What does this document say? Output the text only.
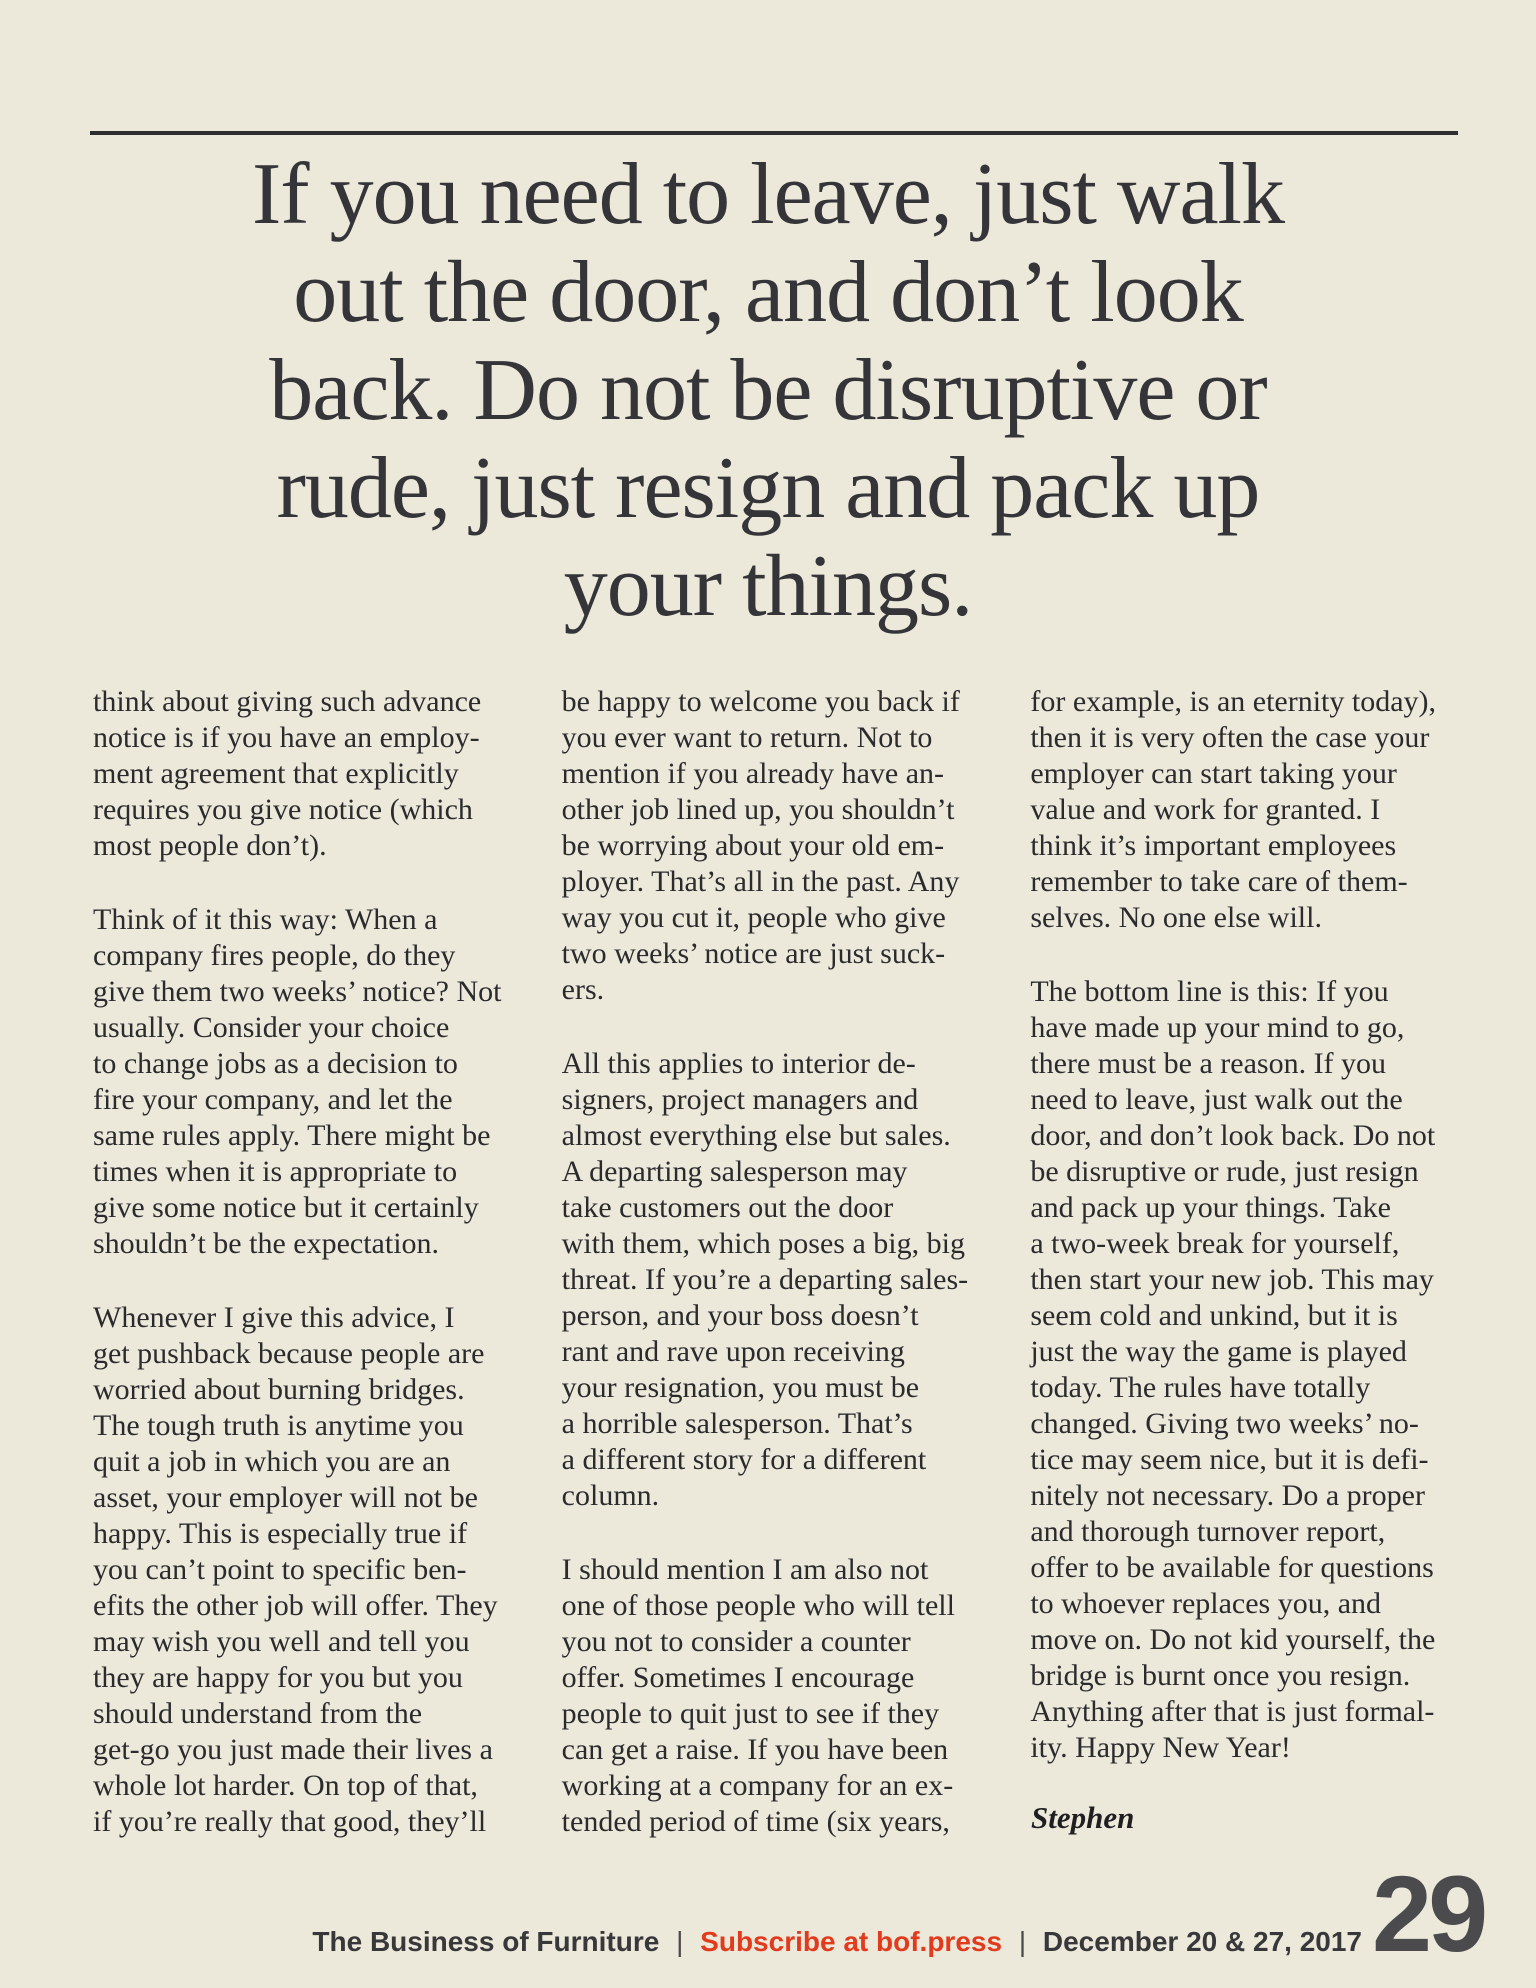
If you need to leave, just walk
out the door, and don’t look
back. Do not be disruptive or
rude, just resign and pack up
your things.

think about giving such advance
notice is if you have an employ-
ment agreement that explicitly
requires you give notice (which
most people don’t).

Think of it this way: When a
company fires people, do they
give them two weeks’ notice? Not
usually. Consider your choice
to change jobs as a decision to
fire your company, and let the
same rules apply. There might be
times when it is appropriate to
give some notice but it certainly
shouldn’t be the expectation.

Whenever I give this advice, I
get pushback because people are
worried about burning bridges.
The tough truth is anytime you
quit a job in which you are an
asset, your employer will not be
happy. This is especially true if
you can’t point to specific ben-
efits the other job will offer. They
may wish you well and tell you
they are happy for you but you
should understand from the
get-go you just made their lives a
whole lot harder. On top of that,
if you’re really that good, they’ll

be happy to welcome you back if
you ever want to return. Not to
mention if you already have an-
other job lined up, you shouldn’t
be worrying about your old em-
ployer. That’s all in the past. Any
way you cut it, people who give
two weeks’ notice are just suck-
ers.

All this applies to interior de-
signers, project managers and
almost everything else but sales.
A departing salesperson may
take customers out the door
with them, which poses a big, big
threat. If you’re a departing sales-
person, and your boss doesn’t
rant and rave upon receiving
your resignation, you must be
a horrible salesperson. That’s
a different story for a different
column.

I should mention I am also not
one of those people who will tell
you not to consider a counter
offer. Sometimes I encourage
people to quit just to see if they
can get a raise. If you have been
working at a company for an ex-
tended period of time (six years,

for example, is an eternity today),
then it is very often the case your
employer can start taking your
value and work for granted. I
think it’s important employees
remember to take care of them-
selves. No one else will.

The bottom line is this: If you
have made up your mind to go,
there must be a reason. If you
need to leave, just walk out the
door, and don’t look back. Do not
be disruptive or rude, just resign
and pack up your things. Take
a two-week break for yourself,
then start your new job. This may
seem cold and unkind, but it is
just the way the game is played
today. The rules have totally
changed. Giving two weeks’ no-
tice may seem nice, but it is defi-
nitely not necessary. Do a proper
and thorough turnover report,
offer to be available for questions
to whoever replaces you, and
move on. Do not kid yourself, the
bridge is burnt once you resign.
Anything after that is just formal-
ity. Happy New Year!

Stephen

The Business of Furniture | Subscribe at bof.press | December 20 & 27, 2017 29
